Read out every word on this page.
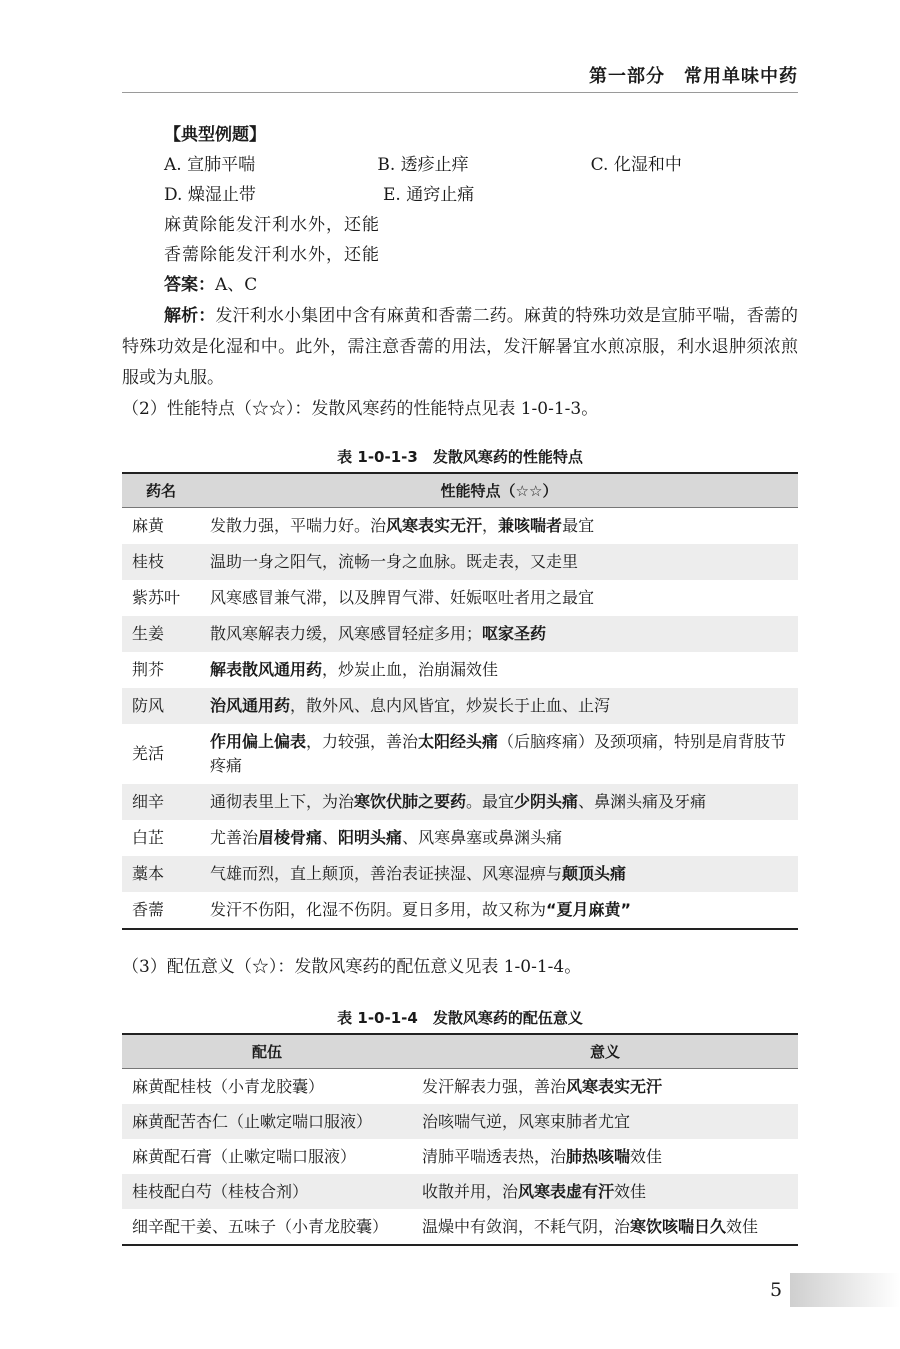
第一部分　常用单味中药
【典型例题】
A. 宣肺平喘	B. 透疹止痒	C. 化湿和中
D. 燥湿止带	E. 通窍止痛
麻黄除能发汗利水外，还能
香薷除能发汗利水外，还能
答案：A、C
解析：发汗利水小集团中含有麻黄和香薷二药。麻黄的特殊功效是宣肺平喘，香薷的特殊功效是化湿和中。此外，需注意香薷的用法，发汗解暑宜水煎凉服，利水退肿须浓煎服或为丸服。
（2）性能特点（☆☆）：发散风寒药的性能特点见表 1-0-1-3。
表 1-0-1-3　发散风寒药的性能特点
药名	性能特点（☆☆）
麻黄	发散力强，平喘力好。治风寒表实无汗，兼咳喘者最宜
桂枝	温助一身之阳气，流畅一身之血脉。既走表，又走里
紫苏叶	风寒感冒兼气滞，以及脾胃气滞、妊娠呕吐者用之最宜
生姜	散风寒解表力缓，风寒感冒轻症多用；呕家圣药
荆芥	解表散风通用药，炒炭止血，治崩漏效佳
防风	治风通用药，散外风、息内风皆宜，炒炭长于止血、止泻
羌活	作用偏上偏表，力较强，善治太阳经头痛（后脑疼痛）及颈项痛，特别是肩背肢节疼痛
细辛	通彻表里上下，为治寒饮伏肺之要药。最宜少阴头痛、鼻渊头痛及牙痛
白芷	尤善治眉棱骨痛、阳明头痛、风寒鼻塞或鼻渊头痛
藁本	气雄而烈，直上颠顶，善治表证挟湿、风寒湿痹与颠顶头痛
香薷	发汗不伤阳，化湿不伤阴。夏日多用，故又称为“夏月麻黄”
（3）配伍意义（☆）：发散风寒药的配伍意义见表 1-0-1-4。
表 1-0-1-4　发散风寒药的配伍意义
配伍	意义
麻黄配桂枝（小青龙胶囊）	发汗解表力强，善治风寒表实无汗
麻黄配苦杏仁（止嗽定喘口服液）	治咳喘气逆，风寒束肺者尤宜
麻黄配石膏（止嗽定喘口服液）	清肺平喘透表热，治肺热咳喘效佳
桂枝配白芍（桂枝合剂）	收散并用，治风寒表虚有汗效佳
细辛配干姜、五味子（小青龙胶囊）	温燥中有敛润，不耗气阴，治寒饮咳喘日久效佳
5
